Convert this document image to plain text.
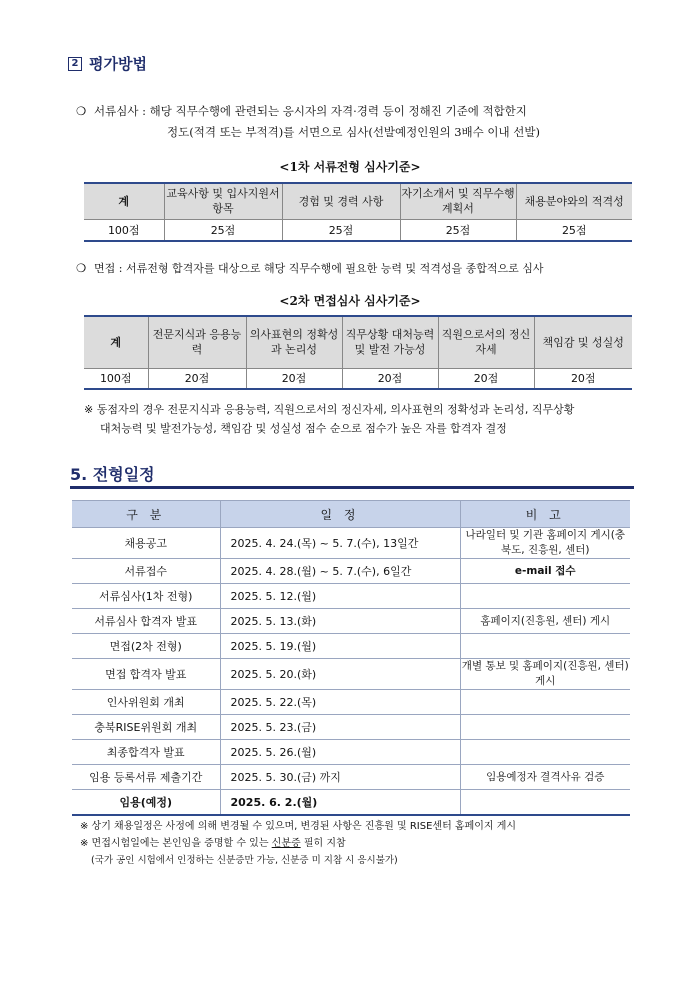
2 평가방법
❍ 서류심사 : 해당 직무수행에 관련되는 응시자의 자격·경력 등이 정해진 기준에 적합한지
정도(적격 또는 부적격)를 서면으로 심사(선발예정인원의 3배수 이내 선발)
<1차 서류전형 심사기준>
계	교육사항 및 입사지원서 항목	경험 및 경력 사항	자기소개서 및 직무수행계획서	채용분야와의 적격성
100점	25점	25점	25점	25점
❍ 면접 : 서류전형 합격자를 대상으로 해당 직무수행에 필요한 능력 및 적격성을 종합적으로 심사
<2차 면접심사 심사기준>
계	전문지식과 응용능력	의사표현의 정확성과 논리성	직무상황 대처능력 및 발전 가능성	직원으로서의 정신자세	책임감 및 성실성
100점	20점	20점	20점	20점	20점
※ 동점자의 경우 전문지식과 응용능력, 직원으로서의 정신자세, 의사표현의 정확성과 논리성, 직무상황
대처능력 및 발전가능성, 책임감 및 성실성 점수 순으로 점수가 높은 자를 합격자 결정
5. 전형일정
구 분	일 정	비 고
채용공고	2025. 4. 24.(목) ~ 5. 7.(수), 13일간	나라일터 및 기관 홈페이지 게시(충북도, 진흥원, 센터)
서류접수	2025. 4. 28.(월) ~ 5. 7.(수), 6일간	e-mail 접수
서류심사(1차 전형)	2025. 5. 12.(월)	
서류심사 합격자 발표	2025. 5. 13.(화)	홈페이지(진흥원, 센터) 게시
면접(2차 전형)	2025. 5. 19.(월)	
면접 합격자 발표	2025. 5. 20.(화)	개별 통보 및 홈페이지(진흥원, 센터) 게시
인사위원회 개최	2025. 5. 22.(목)	
충북RISE위원회 개최	2025. 5. 23.(금)	
최종합격자 발표	2025. 5. 26.(월)	
임용 등록서류 제출기간	2025. 5. 30.(금) 까지	임용예정자 결격사유 검증
임용(예정)	2025. 6. 2.(월)	
※ 상기 채용일정은 사정에 의해 변경될 수 있으며, 변경된 사항은 진흥원 및 RISE센터 홈페이지 게시
※ 면접시험일에는 본인임을 증명할 수 있는 신분증 필히 지참
(국가 공인 시험에서 인정하는 신분증만 가능, 신분증 미 지참 시 응시불가)
